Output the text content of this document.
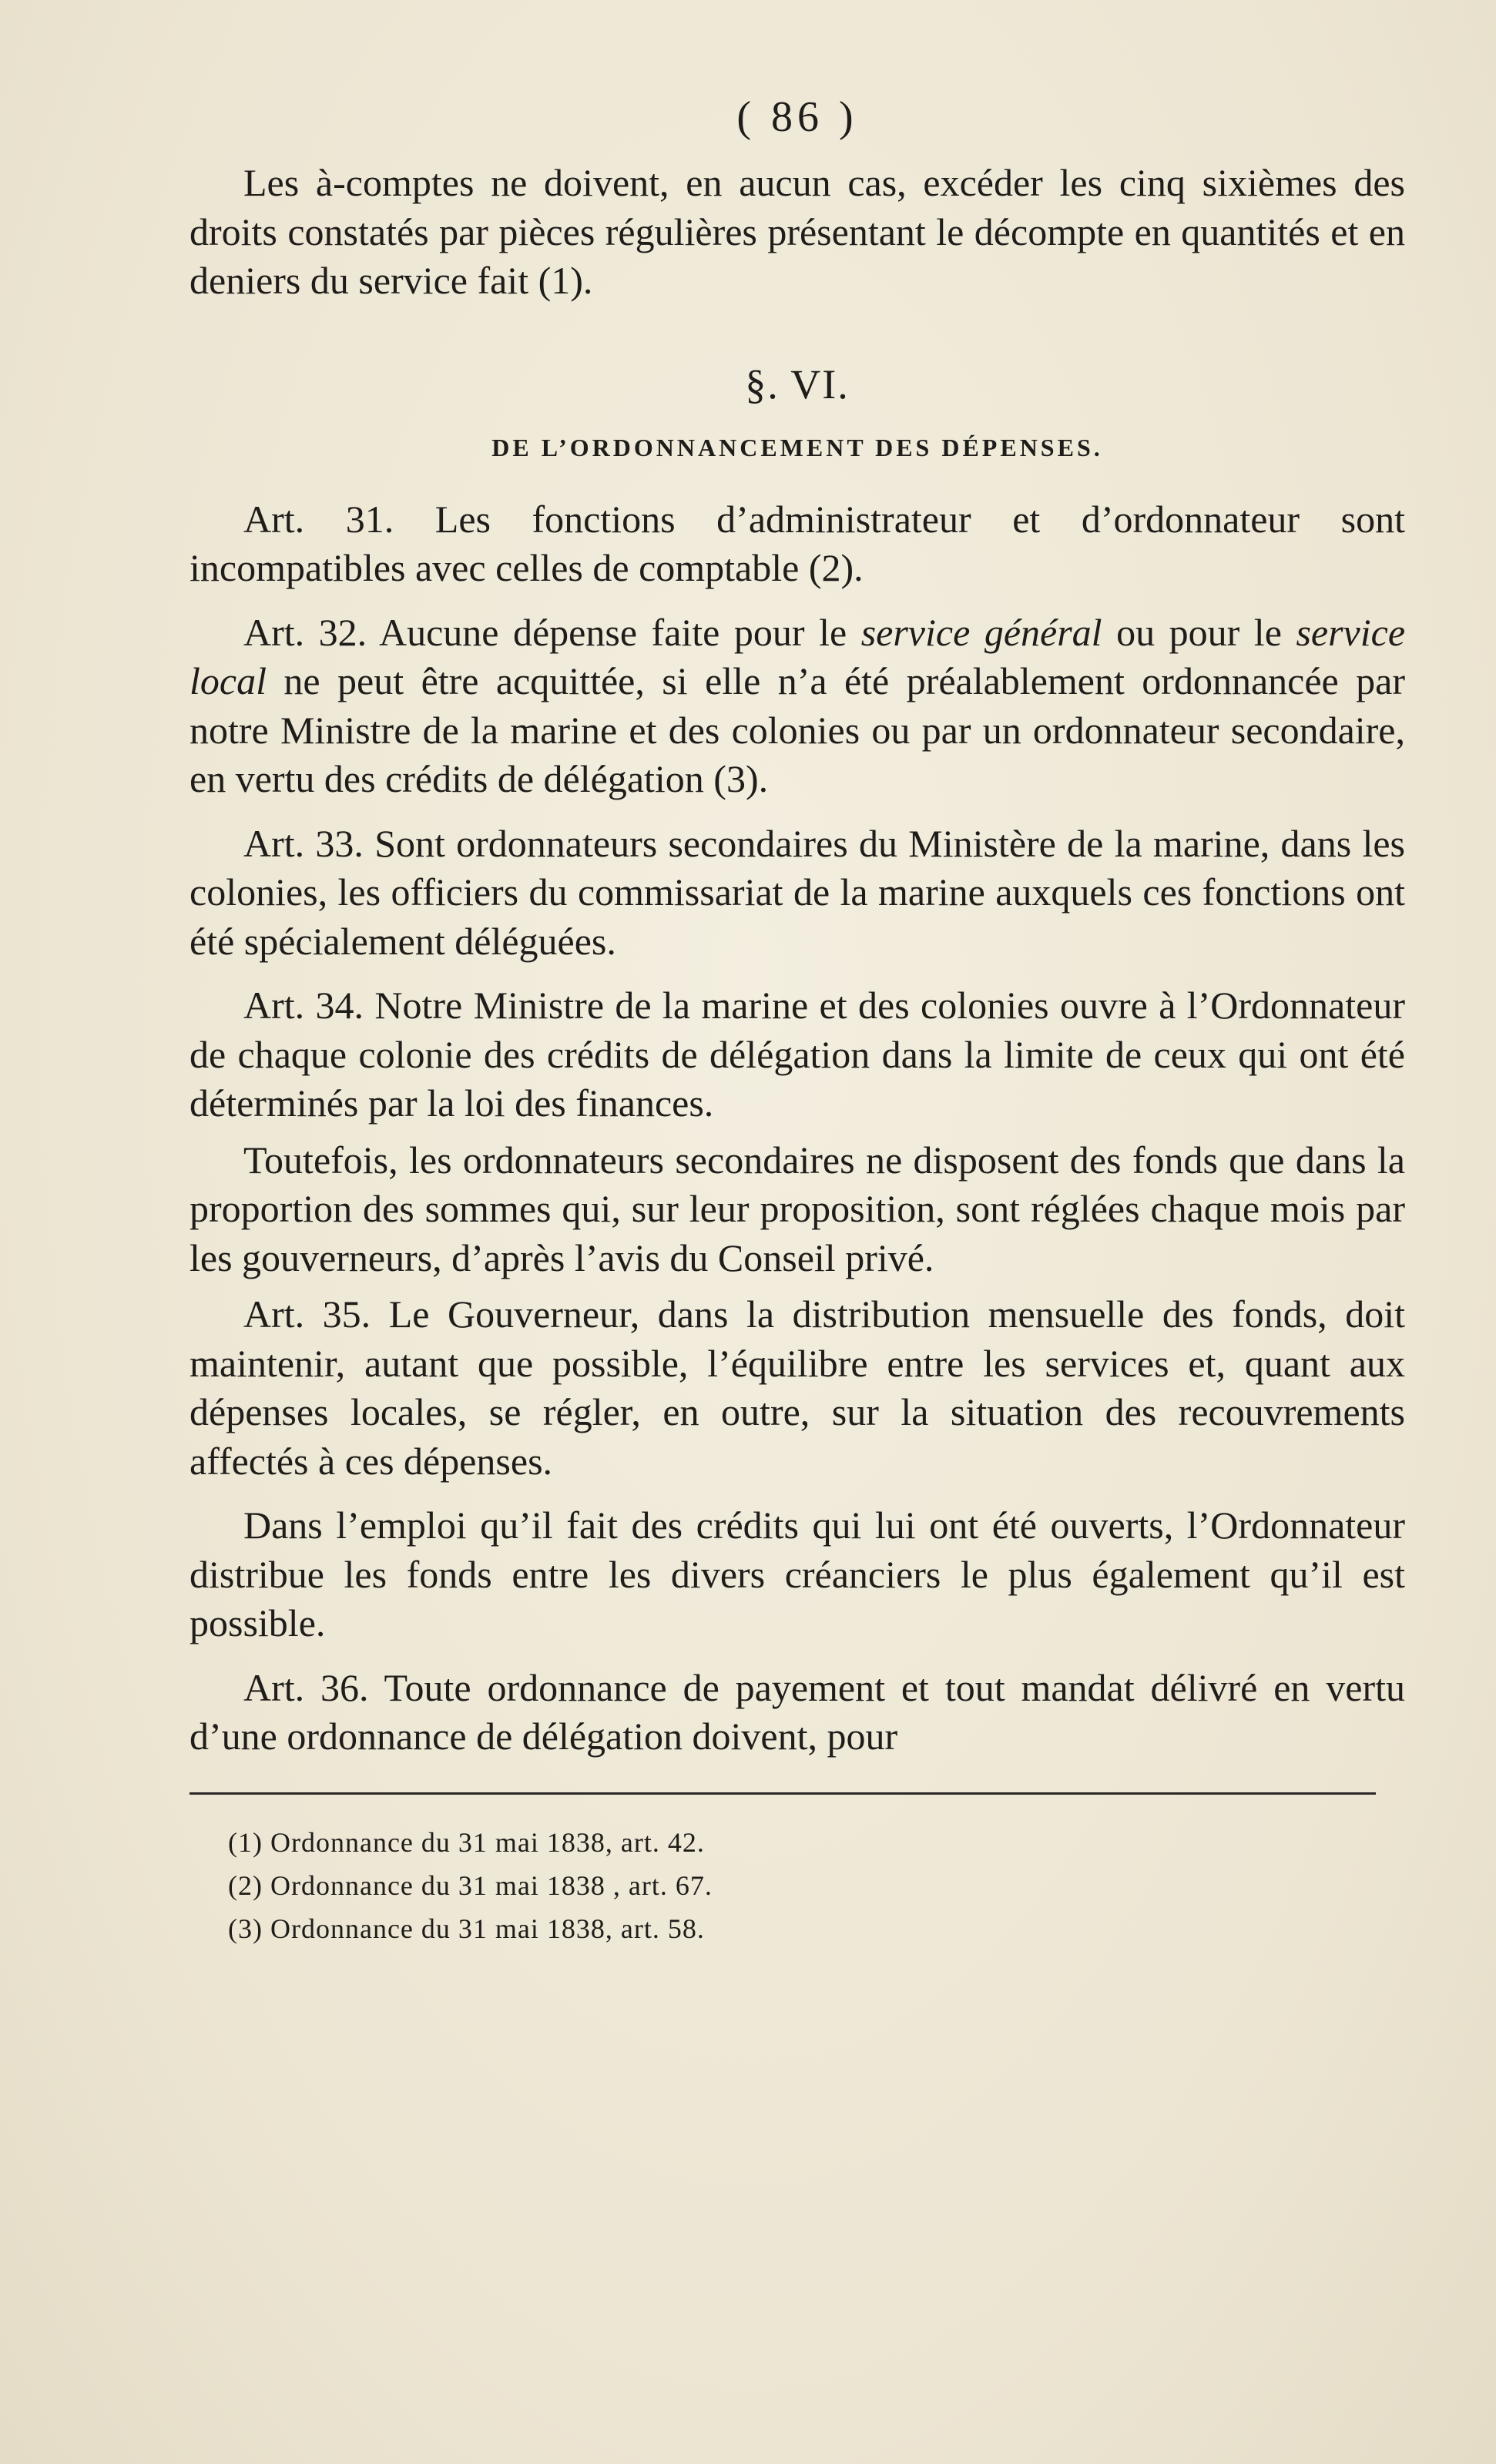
( 86 )

Les à-comptes ne doivent, en aucun cas, excéder les cinq sixièmes des droits constatés par pièces régulières présentant le décompte en quantités et en deniers du service fait (1).

§. VI.
DE L’ORDONNANCEMENT DES DÉPENSES.

Art. 31. Les fonctions d’administrateur et d’ordonnateur sont incompatibles avec celles de comptable (2).

Art. 32. Aucune dépense faite pour le service général ou pour le service local ne peut être acquittée, si elle n’a été préalablement ordonnancée par notre Ministre de la marine et des colonies ou par un ordonnateur secondaire, en vertu des crédits de délégation (3).

Art. 33. Sont ordonnateurs secondaires du Ministère de la marine, dans les colonies, les officiers du commissariat de la marine auxquels ces fonctions ont été spécialement déléguées.

Art. 34. Notre Ministre de la marine et des colonies ouvre à l’Ordonnateur de chaque colonie des crédits de délégation dans la limite de ceux qui ont été déterminés par la loi des finances.

Toutefois, les ordonnateurs secondaires ne disposent des fonds que dans la proportion des sommes qui, sur leur proposition, sont réglées chaque mois par les gouverneurs, d’après l’avis du Conseil privé.

Art. 35. Le Gouverneur, dans la distribution mensuelle des fonds, doit maintenir, autant que possible, l’équilibre entre les services et, quant aux dépenses locales, se régler, en outre, sur la situation des recouvrements affectés à ces dépenses.

Dans l’emploi qu’il fait des crédits qui lui ont été ouverts, l’Ordonnateur distribue les fonds entre les divers créanciers le plus également qu’il est possible.

Art. 36. Toute ordonnance de payement et tout mandat délivré en vertu d’une ordonnance de délégation doivent, pour

(1) Ordonnance du 31 mai 1838, art. 42.
(2) Ordonnance du 31 mai 1838 , art. 67.
(3) Ordonnance du 31 mai 1838, art. 58.
